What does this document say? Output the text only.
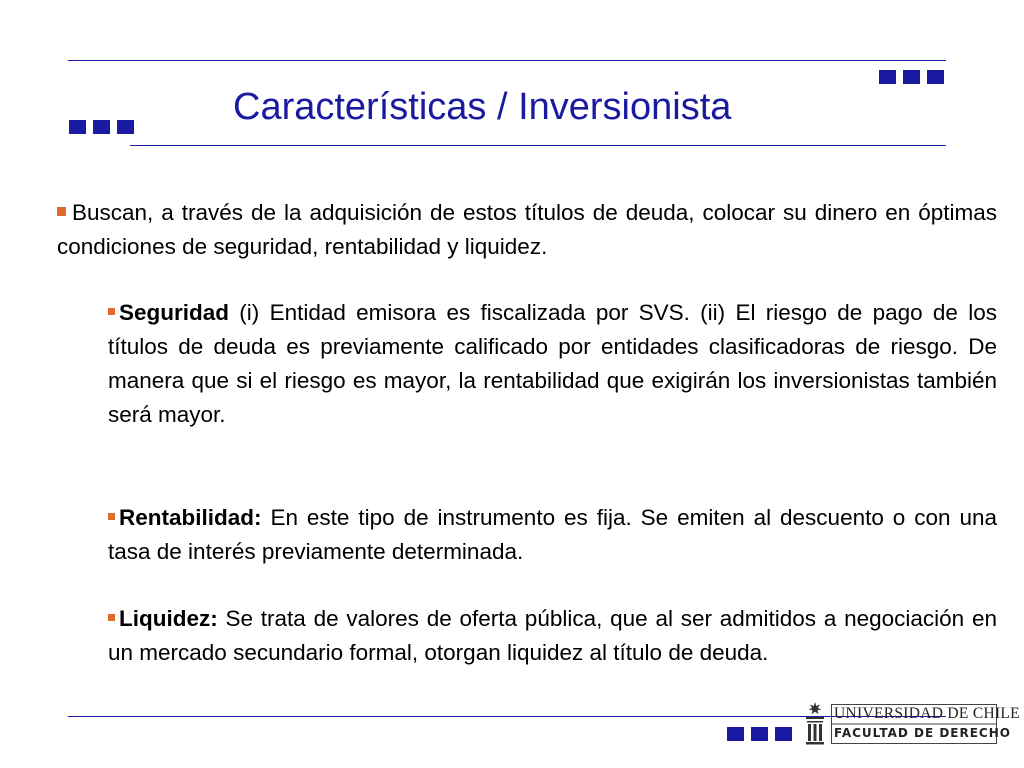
Características / Inversionista
Buscan, a través de la adquisición de estos títulos de deuda, colocar su dinero en óptimas condiciones de seguridad, rentabilidad y liquidez.
Seguridad (i) Entidad emisora es fiscalizada por SVS. (ii) El riesgo de pago de los títulos de deuda es previamente calificado por entidades clasificadoras de riesgo. De manera que si el riesgo es mayor, la rentabilidad que exigirán los inversionistas también será mayor.
Rentabilidad: En este tipo de instrumento es fija. Se emiten al descuento o con una tasa de interés previamente determinada.
Liquidez: Se trata de valores de oferta pública, que al ser admitidos a negociación en un mercado secundario formal, otorgan liquidez al título de deuda.
UNIVERSIDAD DE CHILE
FACULTAD DE DERECHO
